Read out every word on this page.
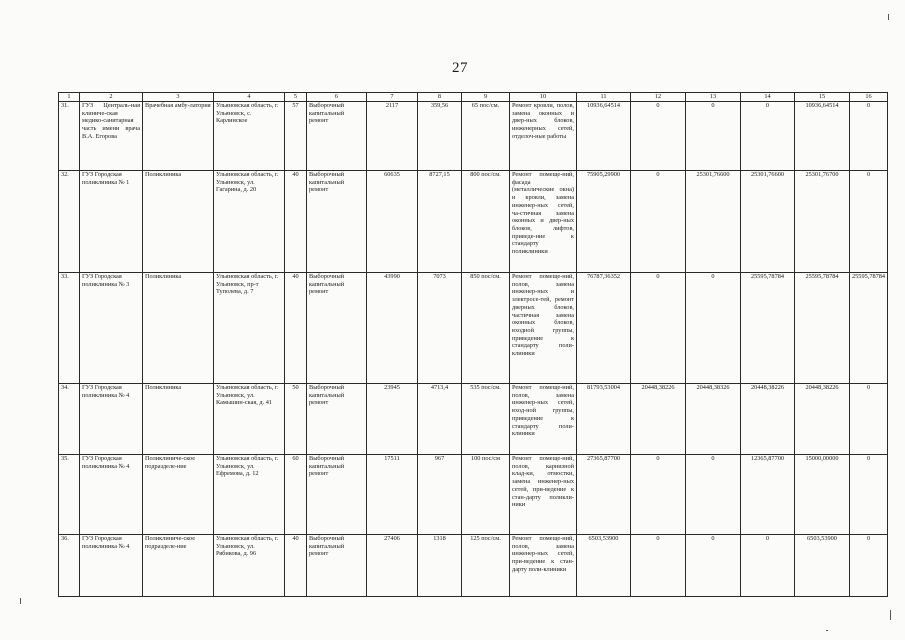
27
1	2	3	4	5	6	7	8	9	10	11	12	13	14	15	16
31.	ГУЗ Централь-ная клиниче-ская медико-санитарная часть имени врача В.А. Егорова	Врачебная амбу-латория	Ульяновская область, г. Ульяновск, с. Карлинское	57	Выборочный капитальный ремонт	2117	359,56	65 пос/см.	Ремонт кровли, полов, замена оконных и двер-ных блоков, инженерных сетей, отделоч-ные работы	10936,64514	0	0	0	10936,64514	0
32.	ГУЗ Городская поликлиника № 1	Поликлиника	Ульяновская область, г. Ульяновск, ул. Гагарина, д. 20	40	Выборочный капитальный ремонт	60635	8727,15	800 пос/см.	Ремонт помеще-ний, фасада (металлические окна) и кровли, замена инженер-ных сетей, ча-стичная замена оконных и двер-ных блоков, лифтов, приведе-ние к стандарту поликлиники	75905,29900	0	25301,76600	25301,76600	25301,76700	0
33.	ГУЗ Городская поликлиника № 3	Поликлиника	Ульяновская область, г. Ульяновск, пр-т Туполева, д. 7	40	Выборочный капитальный ремонт	43990	7073	850 пос/см.	Ремонт помеще-ний, полов, замена инженер-ных и электросе-тей, ремонт дверных блоков, частичная замена оконных блоков, входной группы, приведение к стандарту поли-клиники	76787,36352	0	0	25595,78784	25595,78784	25595,78784
34.	ГУЗ Городская поликлиника № 4	Поликлиника	Ульяновская область, г. Ульяновск, ул. Камышин-ская, д. 41	50	Выборочный капитальный ремонт	23945	4713,4	535 пос/см.	Ремонт помеще-ний, полов, замена инженер-ных сетей, вход-ной группы, приведение к стандарту поли-клиники	81793,53004	20448,38226	20448,38326	20448,38226	20448,38226	0
35.	ГУЗ Городская поликлиника № 4	Поликлиниче-ское подразделе-ние	Ульяновская область, г. Ульяновск, ул. Ефремова, д. 12	60	Выборочный капитальный ремонт	17511	967	100 пос/см	Ремонт помеще-ний, полов, карнизной клад-ки, отмостки, замена инженер-ных сетей, при-ведение к стан-дарту поликли-ники	27365,87700	0	0	12365,87700	15000,00000	0
36.	ГУЗ Городская поликлиника № 4	Поликлиниче-ское подразделе-ние	Ульяновская область, г. Ульяновск, ул. Рябикова, д. 96	40	Выборочный капитальный ремонт	27406	1318	125 пос/см.	Ремонт помеще-ний, полов, замена инженер-ных сетей, при-ведение к стан-дарту поли-клиники	6503,53900	0	0	0	6503,53900	0
